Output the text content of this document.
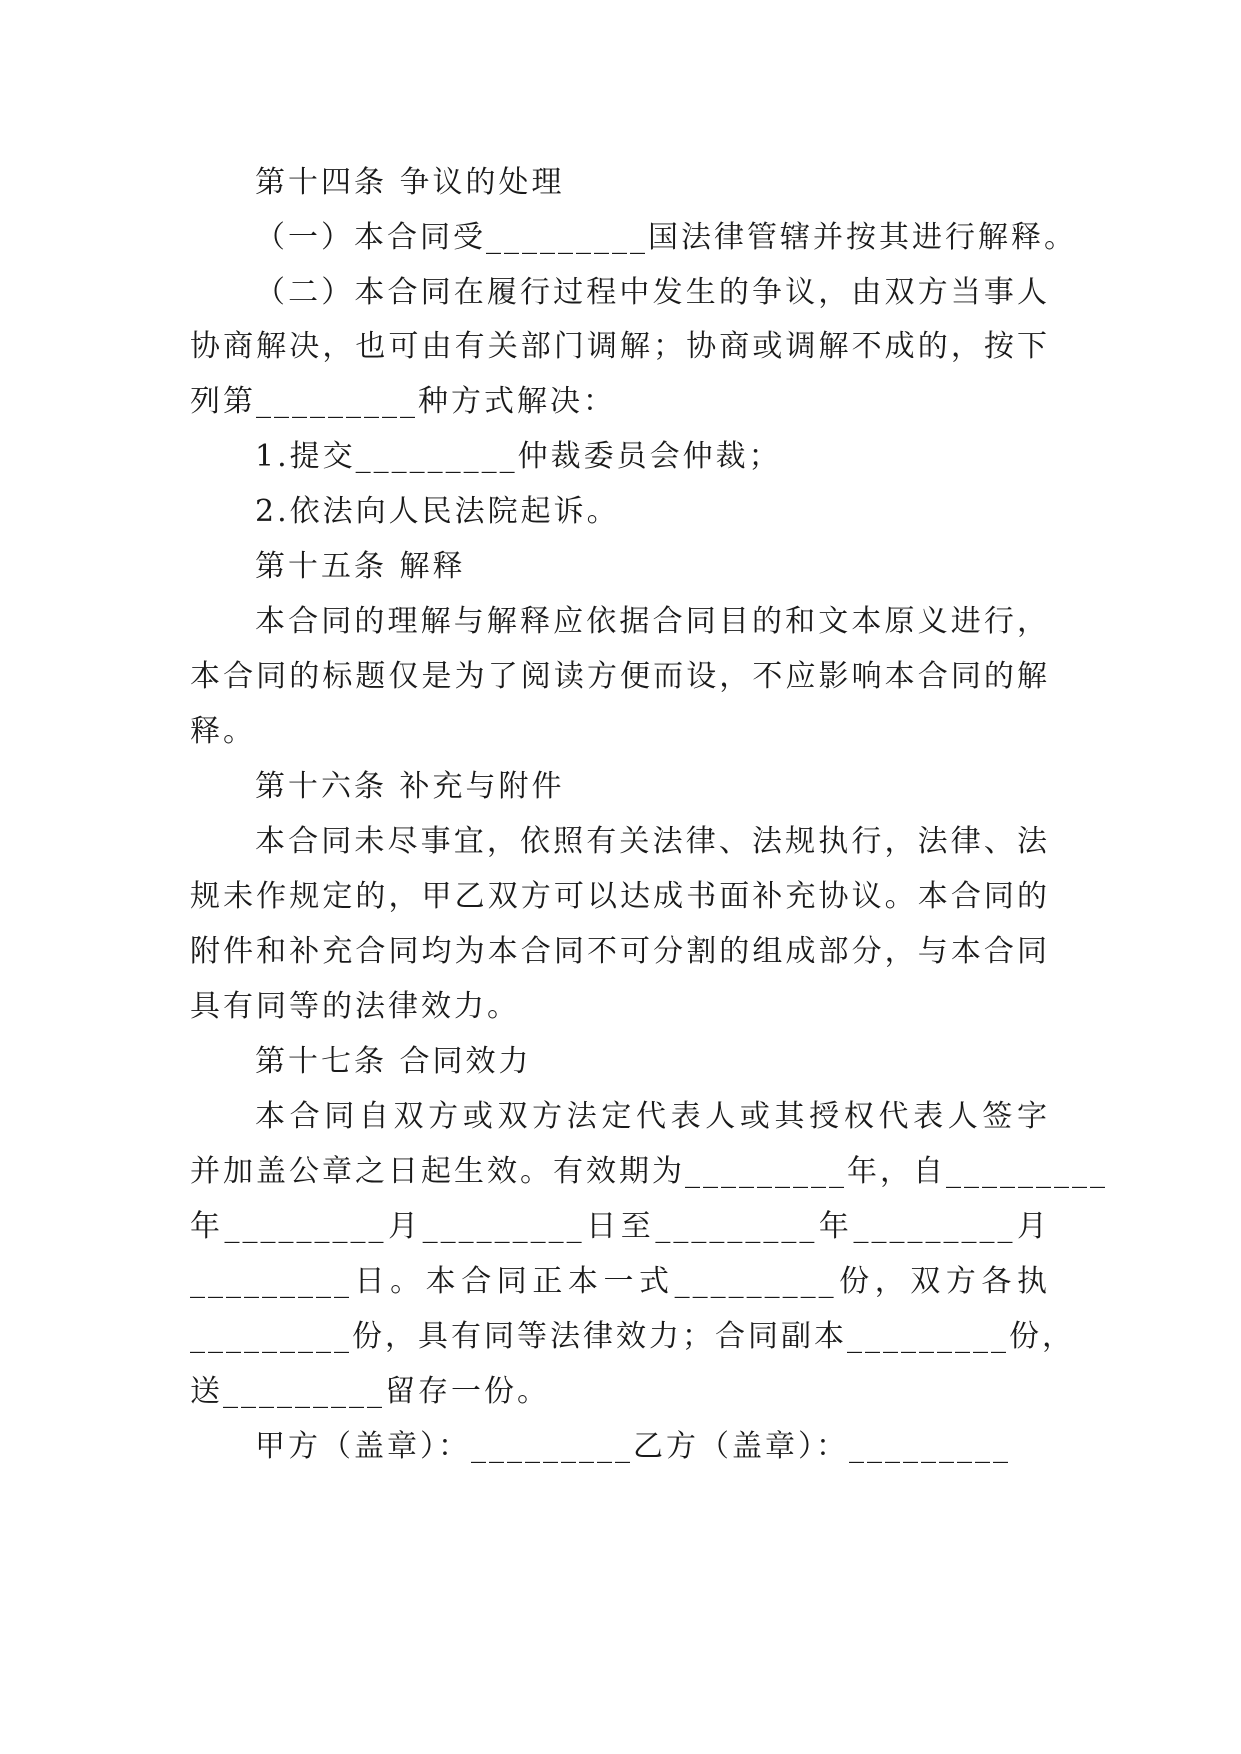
第十四条 争议的处理
（一）本合同受_________国法律管辖并按其进行解释。
（二）本合同在履行过程中发生的争议，由双方当事人
协商解决，也可由有关部门调解；协商或调解不成的，按下
列第_________种方式解决：
1.提交_________仲裁委员会仲裁；
2.依法向人民法院起诉。
第十五条 解释
本合同的理解与解释应依据合同目的和文本原义进行，
本合同的标题仅是为了阅读方便而设，不应影响本合同的解
释。
第十六条 补充与附件
本合同未尽事宜，依照有关法律、法规执行，法律、法
规未作规定的，甲乙双方可以达成书面补充协议。本合同的
附件和补充合同均为本合同不可分割的组成部分，与本合同
具有同等的法律效力。
第十七条 合同效力
本合同自双方或双方法定代表人或其授权代表人签字
并加盖公章之日起生效。有效期为_________年，自_________
年_________月_________日至_________年_________月
_________日。本合同正本一式_________份，双方各执
_________份，具有同等法律效力；合同副本_________份，
送_________留存一份。
甲方（盖章）：_________乙方（盖章）：_________
